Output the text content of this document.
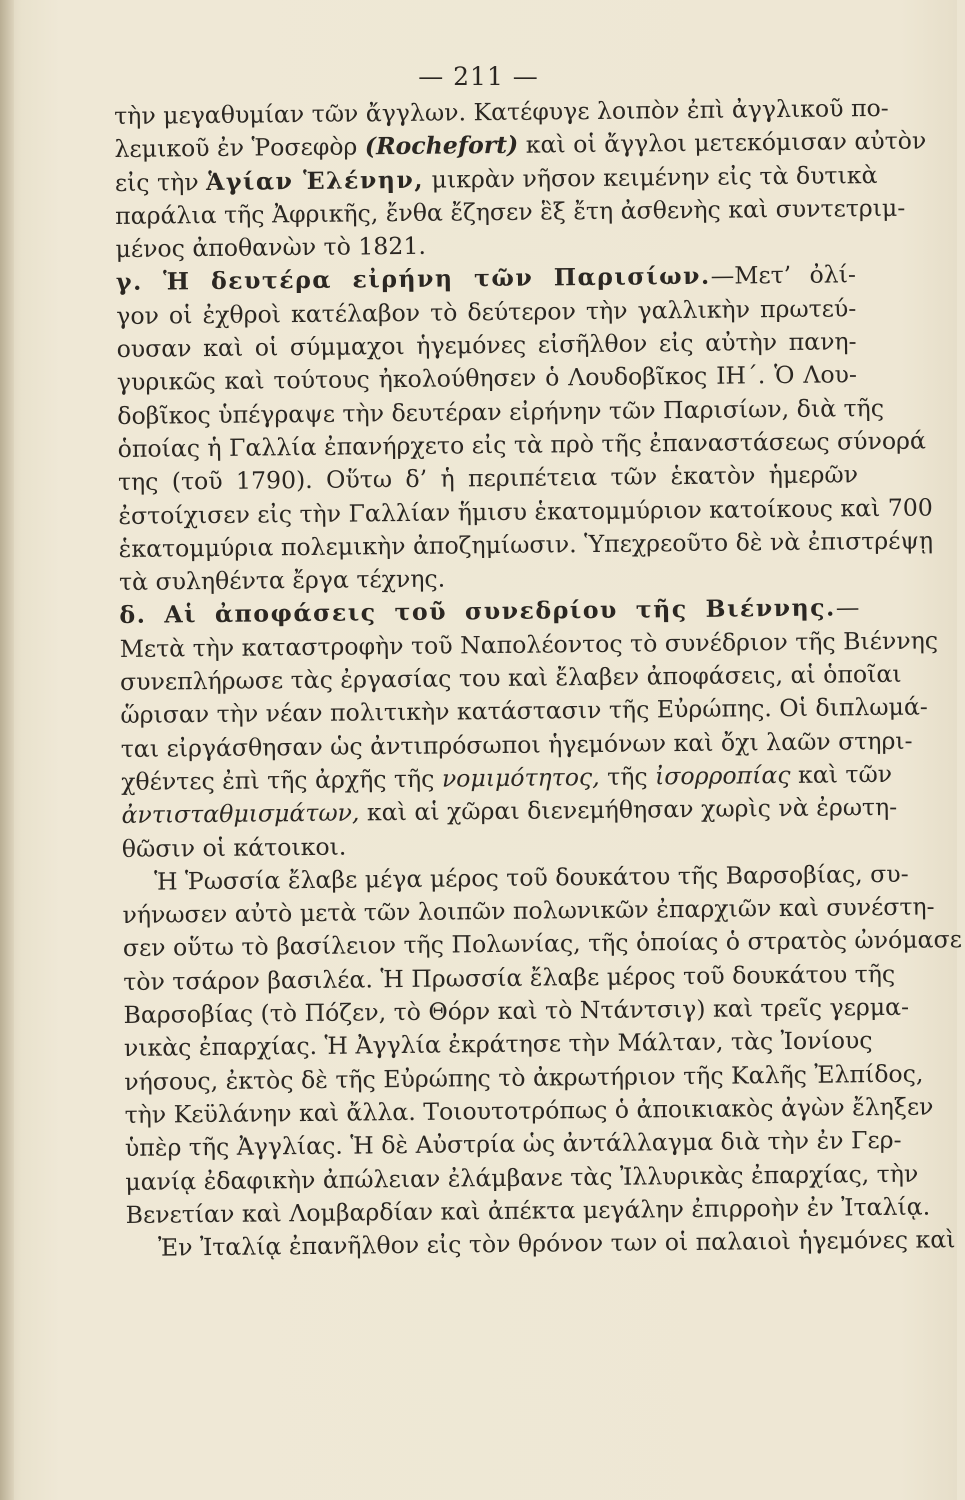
— 211 —
τὴν μεγαθυμίαν τῶν ἄγγλων. Κατέφυγε λοιπὸν ἐπὶ ἀγγλικοῦ πο-
λεμικοῦ ἐν Ῥοσεφὸρ (Rochefort) καὶ οἱ ἄγγλοι μετεκόμισαν αὐτὸν
εἰς τὴν Ἁγίαν Ἑλένην, μικρὰν νῆσον κειμένην εἰς τὰ δυτικὰ
παράλια τῆς Ἀφρικῆς, ἔνθα ἔζησεν ἓξ ἔτη ἀσθενὴς καὶ συντετριμ-
μένος ἀποθανὼν τὸ 1821.
γ. Ἡ δευτέρα εἰρήνη τῶν Παρισίων.—Μετ’ ὀλί-
γον οἱ ἐχθροὶ κατέλαβον τὸ δεύτερον τὴν γαλλικὴν πρωτεύ-
ουσαν καὶ οἱ σύμμαχοι ἡγεμόνες εἰσῆλθον εἰς αὐτὴν πανη-
γυρικῶς καὶ τούτους ἠκολούθησεν ὁ Λουδοβῖκος ΙΗ΄. Ὁ Λου-
δοβῖκος ὑπέγραψε τὴν δευτέραν εἰρήνην τῶν Παρισίων, διὰ τῆς
ὁποίας ἡ Γαλλία ἐπανήρχετο εἰς τὰ πρὸ τῆς ἐπαναστάσεως σύνορά
της (τοῦ 1790). Οὕτω δ’ ἡ περιπέτεια τῶν ἑκατὸν ἡμερῶν
ἐστοίχισεν εἰς τὴν Γαλλίαν ἥμισυ ἑκατομμύριον κατοίκους καὶ 700
ἑκατομμύρια πολεμικὴν ἀποζημίωσιν. Ὑπεχρεοῦτο δὲ νὰ ἐπιστρέψῃ
τὰ συληθέντα ἔργα τέχνης.
δ. Αἱ ἀποφάσεις τοῦ συνεδρίου τῆς Βιέννης.—
Μετὰ τὴν καταστροφὴν τοῦ Ναπολέοντος τὸ συνέδριον τῆς Βιέννης
συνεπλήρωσε τὰς ἐργασίας του καὶ ἔλαβεν ἀποφάσεις, αἱ ὁποῖαι
ὥρισαν τὴν νέαν πολιτικὴν κατάστασιν τῆς Εὐρώπης. Οἱ διπλωμά-
ται εἰργάσθησαν ὡς ἀντιπρόσωποι ἡγεμόνων καὶ ὄχι λαῶν στηρι-
χθέντες ἐπὶ τῆς ἀρχῆς τῆς νομιμότητος, τῆς ἰσορροπίας καὶ τῶν
ἀντισταθμισμάτων, καὶ αἱ χῶραι διενεμήθησαν χωρὶς νὰ ἐρωτη-
θῶσιν οἱ κάτοικοι.
Ἡ Ῥωσσία ἔλαβε μέγα μέρος τοῦ δουκάτου τῆς Βαρσοβίας, συ-
νήνωσεν αὐτὸ μετὰ τῶν λοιπῶν πολωνικῶν ἐπαρχιῶν καὶ συνέστη-
σεν οὕτω τὸ βασίλειον τῆς Πολωνίας, τῆς ὁποίας ὁ στρατὸς ὠνόμασε
τὸν τσάρον βασιλέα. Ἡ Πρωσσία ἔλαβε μέρος τοῦ δουκάτου τῆς
Βαρσοβίας (τὸ Πόζεν, τὸ Θόρν καὶ τὸ Ντάντσιγ) καὶ τρεῖς γερμα-
νικὰς ἐπαρχίας. Ἡ Ἀγγλία ἐκράτησε τὴν Μάλταν, τὰς Ἰονίους
νήσους, ἐκτὸς δὲ τῆς Εὐρώπης τὸ ἀκρωτήριον τῆς Καλῆς Ἐλπίδος,
τὴν Κεϋλάνην καὶ ἄλλα. Τοιουτοτρόπως ὁ ἀποικιακὸς ἀγὼν ἔληξεν
ὑπὲρ τῆς Ἀγγλίας. Ἡ δὲ Αὐστρία ὡς ἀντάλλαγμα διὰ τὴν ἐν Γερ-
μανίᾳ ἐδαφικὴν ἀπώλειαν ἐλάμβανε τὰς Ἰλλυρικὰς ἐπαρχίας, τὴν
Βενετίαν καὶ Λομβαρδίαν καὶ ἀπέκτα μεγάλην ἐπιρροὴν ἐν Ἰταλίᾳ.
Ἐν Ἰταλίᾳ ἐπανῆλθον εἰς τὸν θρόνον των οἱ παλαιοὶ ἡγεμόνες καὶ
